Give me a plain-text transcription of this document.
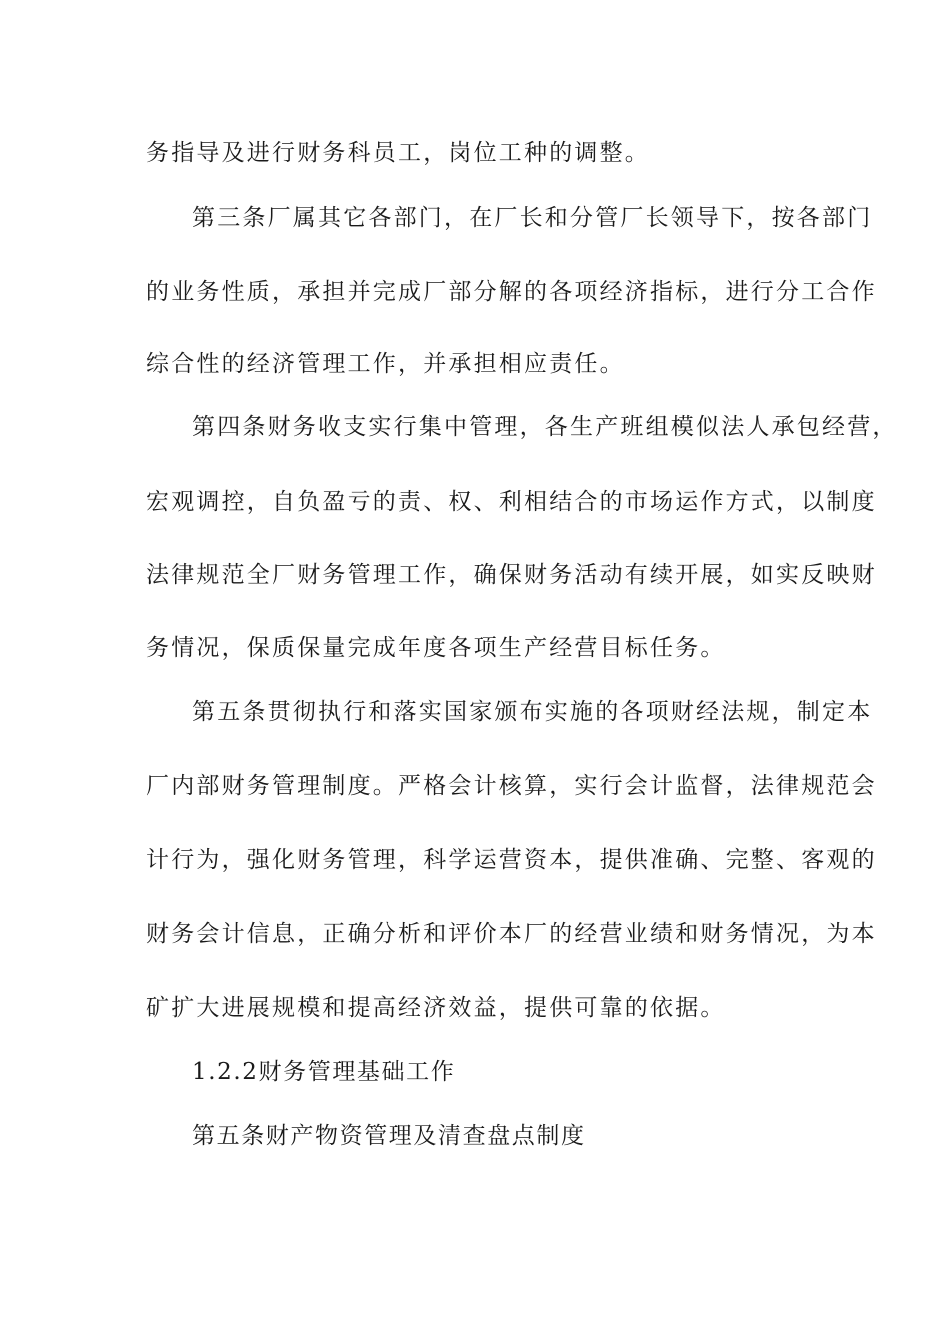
务指导及进行财务科员工，岗位工种的调整。

第三条厂属其它各部门，在厂长和分管厂长领导下，按各部门

的业务性质，承担并完成厂部分解的各项经济指标，进行分工合作

综合性的经济管理工作，并承担相应责任。

第四条财务收支实行集中管理，各生产班组模似法人承包经营，

宏观调控，自负盈亏的责、权、利相结合的市场运作方式，以制度

法律规范全厂财务管理工作，确保财务活动有续开展，如实反映财

务情况，保质保量完成年度各项生产经营目标任务。

第五条贯彻执行和落实国家颁布实施的各项财经法规，制定本

厂内部财务管理制度。严格会计核算，实行会计监督，法律规范会

计行为，强化财务管理，科学运营资本，提供准确、完整、客观的

财务会计信息，正确分析和评价本厂的经营业绩和财务情况，为本

矿扩大进展规模和提高经济效益，提供可靠的依据。

1.2.2财务管理基础工作

第五条财产物资管理及清查盘点制度
